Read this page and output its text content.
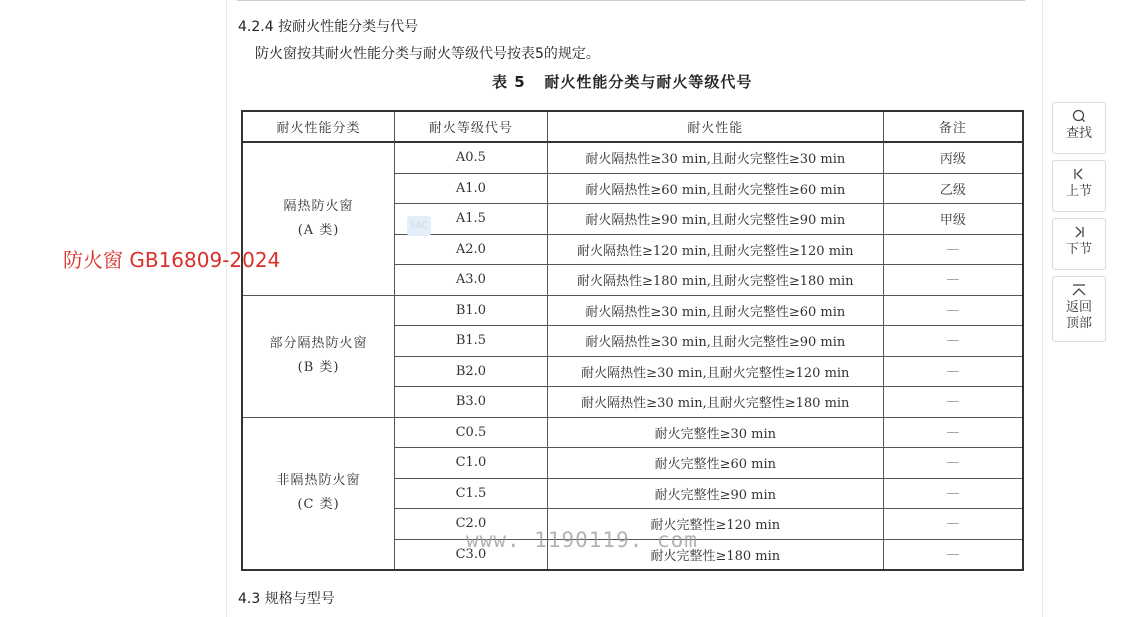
4.2.4 按耐火性能分类与代号
防火窗按其耐火性能分类与耐火等级代号按表5的规定。
表 5   耐火性能分类与耐火等级代号
耐火性能分类	耐火等级代号	耐火性能	备注
隔热防火窗
(A 类)	A0.5	耐火隔热性≥30 min,且耐火完整性≥30 min	丙级
	A1.0	耐火隔热性≥60 min,且耐火完整性≥60 min	乙级
	A1.5	耐火隔热性≥90 min,且耐火完整性≥90 min	甲级
	A2.0	耐火隔热性≥120 min,且耐火完整性≥120 min	—
	A3.0	耐火隔热性≥180 min,且耐火完整性≥180 min	—
部分隔热防火窗
(B 类)	B1.0	耐火隔热性≥30 min,且耐火完整性≥60 min	—
	B1.5	耐火隔热性≥30 min,且耐火完整性≥90 min	—
	B2.0	耐火隔热性≥30 min,且耐火完整性≥120 min	—
	B3.0	耐火隔热性≥30 min,且耐火完整性≥180 min	—
非隔热防火窗
(C 类)	C0.5	耐火完整性≥30 min	—
	C1.0	耐火完整性≥60 min	—
	C1.5	耐火完整性≥90 min	—
	C2.0	耐火完整性≥120 min	—
	C3.0	耐火完整性≥180 min	—
4.3 规格与型号
SAC
www. 1190119. com
防火窗 GB16809-2024
查找
上节
下节
返回
顶部
